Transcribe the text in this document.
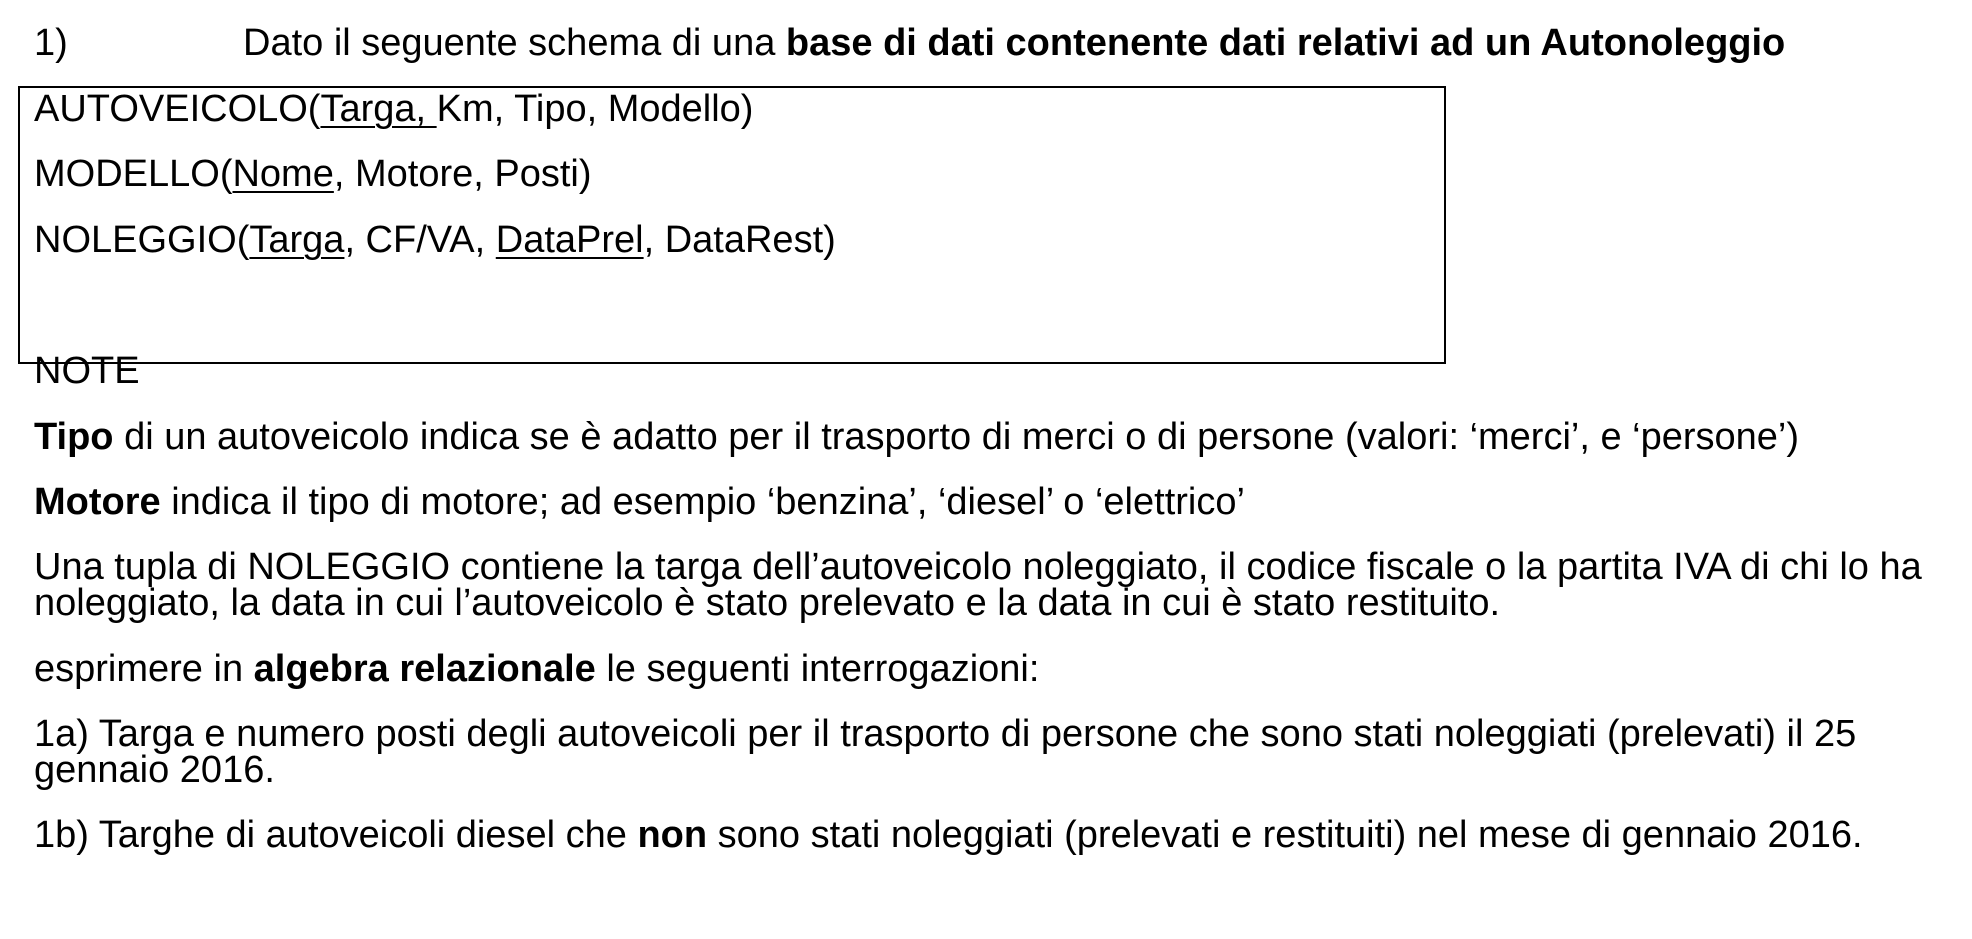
1)	Dato il seguente schema di una base di dati contenente dati relativi ad un Autonoleggio

AUTOVEICOLO(Targa, Km, Tipo, Modello)

MODELLO(Nome, Motore, Posti)

NOLEGGIO(Targa, CF/VA, DataPrel, DataRest)

NOTE

Tipo di un autoveicolo indica se è adatto per il trasporto di merci o di persone (valori: ‘merci’, e ‘persone’)

Motore indica il tipo di motore; ad esempio ‘benzina’, ‘diesel’ o ‘elettrico’

Una tupla di NOLEGGIO contiene la targa dell’autoveicolo noleggiato, il codice fiscale o la partita IVA di chi lo ha noleggiato, la data in cui l’autoveicolo è stato prelevato e la data in cui è stato restituito.

esprimere in algebra relazionale le seguenti interrogazioni:

1a) Targa e numero posti degli autoveicoli per il trasporto di persone che sono stati noleggiati (prelevati) il 25 gennaio 2016.

1b) Targhe di autoveicoli diesel che non sono stati noleggiati (prelevati e restituiti) nel mese di gennaio 2016.
